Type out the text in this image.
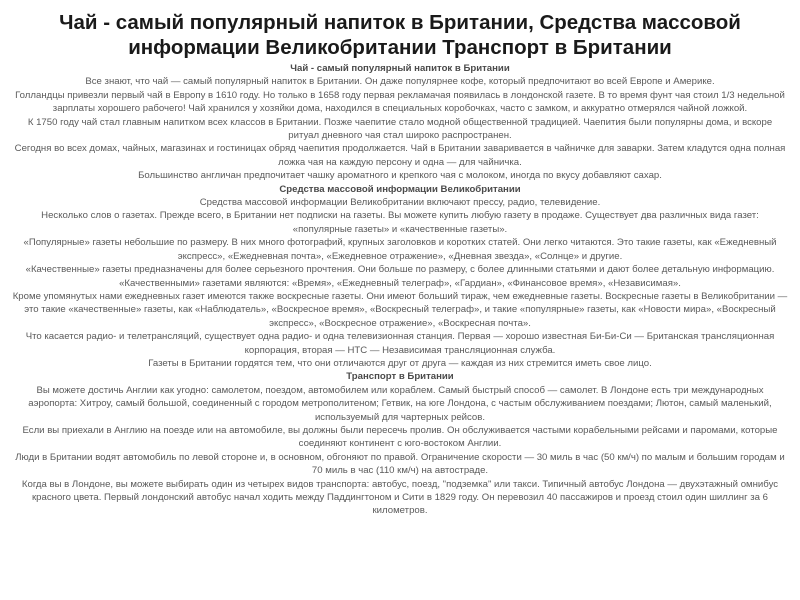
Чай - самый популярный напиток в Британии, Средства массовой информации Великобритании Транспорт в Британии
Чай - самый популярный напиток в Британии

Все знают, что чай — самый популярный напиток в Британии. Он даже популярнее кофе, который предпочитают во всей Европе и Америке.

Голландцы привезли первый чай в Европу в 1610 году. Но только в 1658 году первая рекламачая появилась в лондонской газете. В то время фунт чая стоил 1/3 недельной зарплаты хорошего рабочего! Чай хранился у хозяйки дома, находился в специальных коробочках, часто с замком, и аккуратно отмерялся чайной ложкой.

К 1750 году чай стал главным напитком всех классов в Британии. Позже чаепитие стало модной общественной традицией. Чаепития были популярны дома, и вскоре ритуал дневного чая стал широко распространен.

Сегодня во всех домах, чайных, магазинах и гостиницах обряд чаепития продолжается. Чай в Британии заваривается в чайничке для заварки. Затем кладутся одна полная ложка чая на каждую персону и одна — для чайничка.

Большинство англичан предпочитает чашку ароматного и крепкого чая с молоком, иногда по вкусу добавляют сахар.

Средства массовой информации Великобритании

Средства массовой информации Великобритании включают прессу, радио, телевидение.

Несколько слов о газетах. Прежде всего, в Британии нет подписки на газеты. Вы можете купить любую газету в продаже. Существует два различных вида газет: «популярные газеты» и «качественные газеты».

«Популярные» газеты небольшие по размеру. В них много фотографий, крупных заголовков и коротких статей. Они легко читаются. Это такие газеты, как «Ежедневный экспресс», «Ежедневная почта», «Ежедневное отражение», «Дневная звезда», «Солнце» и другие.

«Качественные» газеты предназначены для более серьезного прочтения. Они больше по размеру, с более длинными статьями и дают более детальную информацию. «Качественными» газетами являются: «Время», «Ежедневный телеграф», «Гардиан», «Финансовое время», «Независимая».

Кроме упомянутых нами ежедневных газет имеются также воскресные газеты. Они имеют больший тираж, чем ежедневные газеты. Воскресные газеты в Великобритании — это такие «качественные» газеты, как «Наблюдатель», «Воскресное время», «Воскресный телеграф», и такие «популярные» газеты, как «Новости мира», «Воскресный экспресс», «Воскресное отражение», «Воскресная почта».

Что касается радио- и телетрансляций, существует одна радио- и одна телевизионная станция. Первая — хорошо известная Би-Би-Си — Британская трансляционная корпорация, вторая — НТС — Независимая трансляционная служба.

Газеты в Британии гордятся тем, что они отличаются друг от друга — каждая из них стремится иметь свое лицо.

Транспорт в Британии

Вы можете достичь Англии как угодно: самолетом, поездом, автомобилем или кораблем. Самый быстрый способ — самолет. В Лондоне есть три международных аэропорта: Хитроу, самый большой, соединенный с городом метрополитеном; Гетвик, на юге Лондона, с частым обслуживанием поездами; Лютон, самый маленький, используемый для чартерных рейсов.

Если вы приехали в Англию на поезде или на автомобиле, вы должны были пересечь пролив. Он обслуживается частыми корабельными рейсами и паромами, которые соединяют континент с юго-востоком Англии.

Люди в Британии водят автомобиль по левой стороне и, в основном, обгоняют по правой. Ограничение скорости — 30 миль в час (50 км/ч) по малым и большим городам и 70 миль в час (110 км/ч) на автостраде.

Когда вы в Лондоне, вы можете выбирать один из четырех видов транспорта: автобус, поезд, "подземка" или такси. Типичный автобус Лондона — двухэтажный омнибус красного цвета. Первый лондонский автобус начал ходить между Паддингтоном и Сити в 1829 году. Он перевозил 40 пассажиров и проезд стоил один шиллинг за 6 километров.
